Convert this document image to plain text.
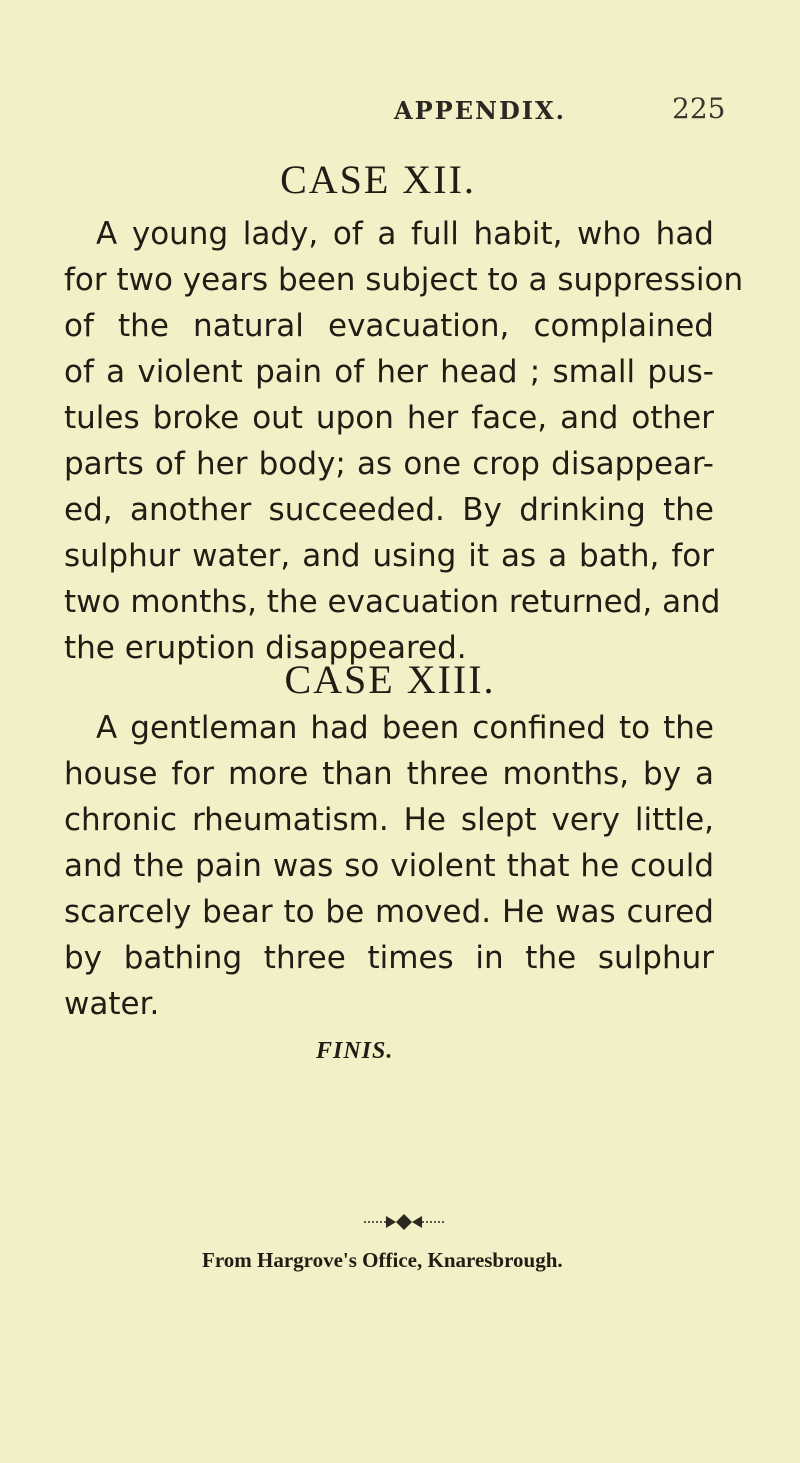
APPENDIX.	225
CASE XII.
A young lady, of a full habit, who had
for two years been subject to a suppression
of the natural evacuation, complained
of a violent pain of her head ; small pus-
tules broke out upon her face, and other
parts of her body; as one crop disappear-
ed, another succeeded. By drinking the
sulphur water, and using it as a bath, for
two months, the evacuation returned, and
the eruption disappeared.
CASE XIII.
A gentleman had been confined to the
house for more than three months, by a
chronic rheumatism. He slept very little,
and the pain was so violent that he could
scarcely bear to be moved. He was cured
by bathing three times in the sulphur
water.
FINIS.
From Hargrove's Office, Knaresbrough.
